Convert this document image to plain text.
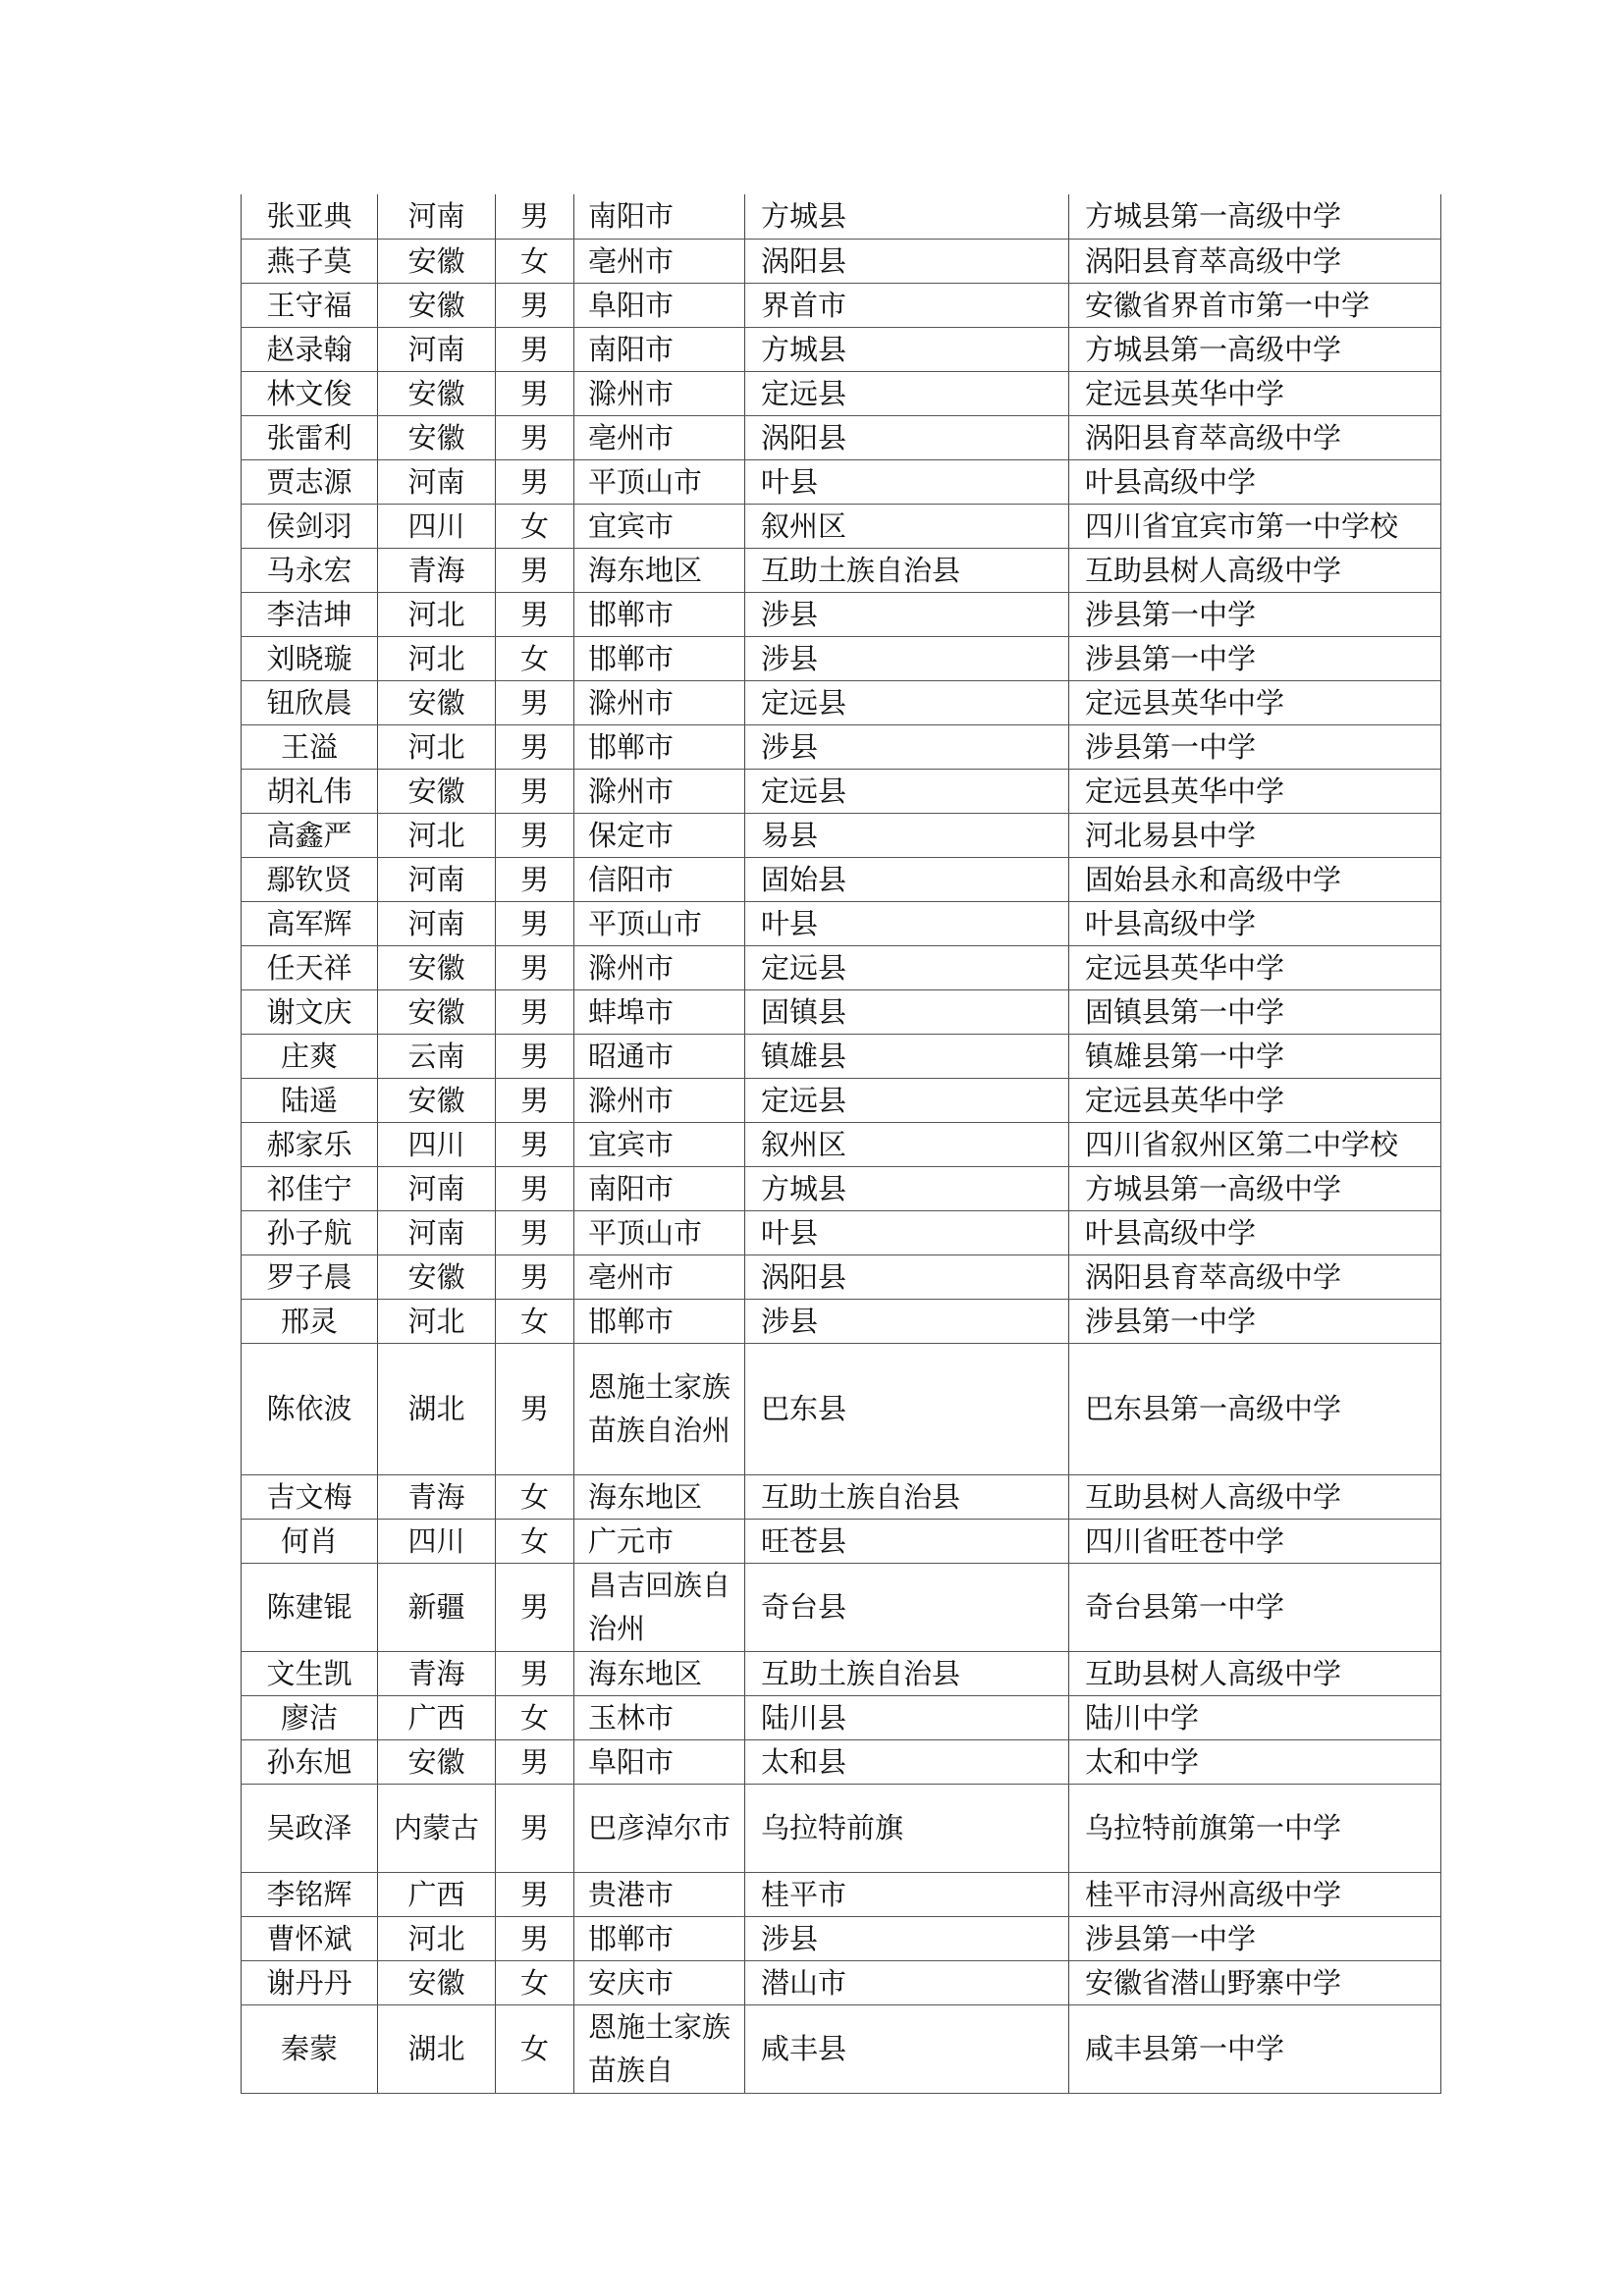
张亚典	河南	男	南阳市	方城县	方城县第一高级中学
燕子莫	安徽	女	亳州市	涡阳县	涡阳县育萃高级中学
王守福	安徽	男	阜阳市	界首市	安徽省界首市第一中学
赵录翰	河南	男	南阳市	方城县	方城县第一高级中学
林文俊	安徽	男	滁州市	定远县	定远县英华中学
张雷利	安徽	男	亳州市	涡阳县	涡阳县育萃高级中学
贾志源	河南	男	平顶山市	叶县	叶县高级中学
侯剑羽	四川	女	宜宾市	叙州区	四川省宜宾市第一中学校
马永宏	青海	男	海东地区	互助土族自治县	互助县树人高级中学
李洁坤	河北	男	邯郸市	涉县	涉县第一中学
刘晓璇	河北	女	邯郸市	涉县	涉县第一中学
钮欣晨	安徽	男	滁州市	定远县	定远县英华中学
王溢	河北	男	邯郸市	涉县	涉县第一中学
胡礼伟	安徽	男	滁州市	定远县	定远县英华中学
高鑫严	河北	男	保定市	易县	河北易县中学
鄢钦贤	河南	男	信阳市	固始县	固始县永和高级中学
高军辉	河南	男	平顶山市	叶县	叶县高级中学
任天祥	安徽	男	滁州市	定远县	定远县英华中学
谢文庆	安徽	男	蚌埠市	固镇县	固镇县第一中学
庄爽	云南	男	昭通市	镇雄县	镇雄县第一中学
陆遥	安徽	男	滁州市	定远县	定远县英华中学
郝家乐	四川	男	宜宾市	叙州区	四川省叙州区第二中学校
祁佳宁	河南	男	南阳市	方城县	方城县第一高级中学
孙子航	河南	男	平顶山市	叶县	叶县高级中学
罗子晨	安徽	男	亳州市	涡阳县	涡阳县育萃高级中学
邢灵	河北	女	邯郸市	涉县	涉县第一中学
陈依波	湖北	男	恩施土家族苗族自治州	巴东县	巴东县第一高级中学
吉文梅	青海	女	海东地区	互助土族自治县	互助县树人高级中学
何肖	四川	女	广元市	旺苍县	四川省旺苍中学
陈建锟	新疆	男	昌吉回族自治州	奇台县	奇台县第一中学
文生凯	青海	男	海东地区	互助土族自治县	互助县树人高级中学
廖洁	广西	女	玉林市	陆川县	陆川中学
孙东旭	安徽	男	阜阳市	太和县	太和中学
吴政泽	内蒙古	男	巴彦淖尔市	乌拉特前旗	乌拉特前旗第一中学
李铭辉	广西	男	贵港市	桂平市	桂平市浔州高级中学
曹怀斌	河北	男	邯郸市	涉县	涉县第一中学
谢丹丹	安徽	女	安庆市	潜山市	安徽省潜山野寨中学
秦蒙	湖北	女	恩施土家族苗族自	咸丰县	咸丰县第一中学
